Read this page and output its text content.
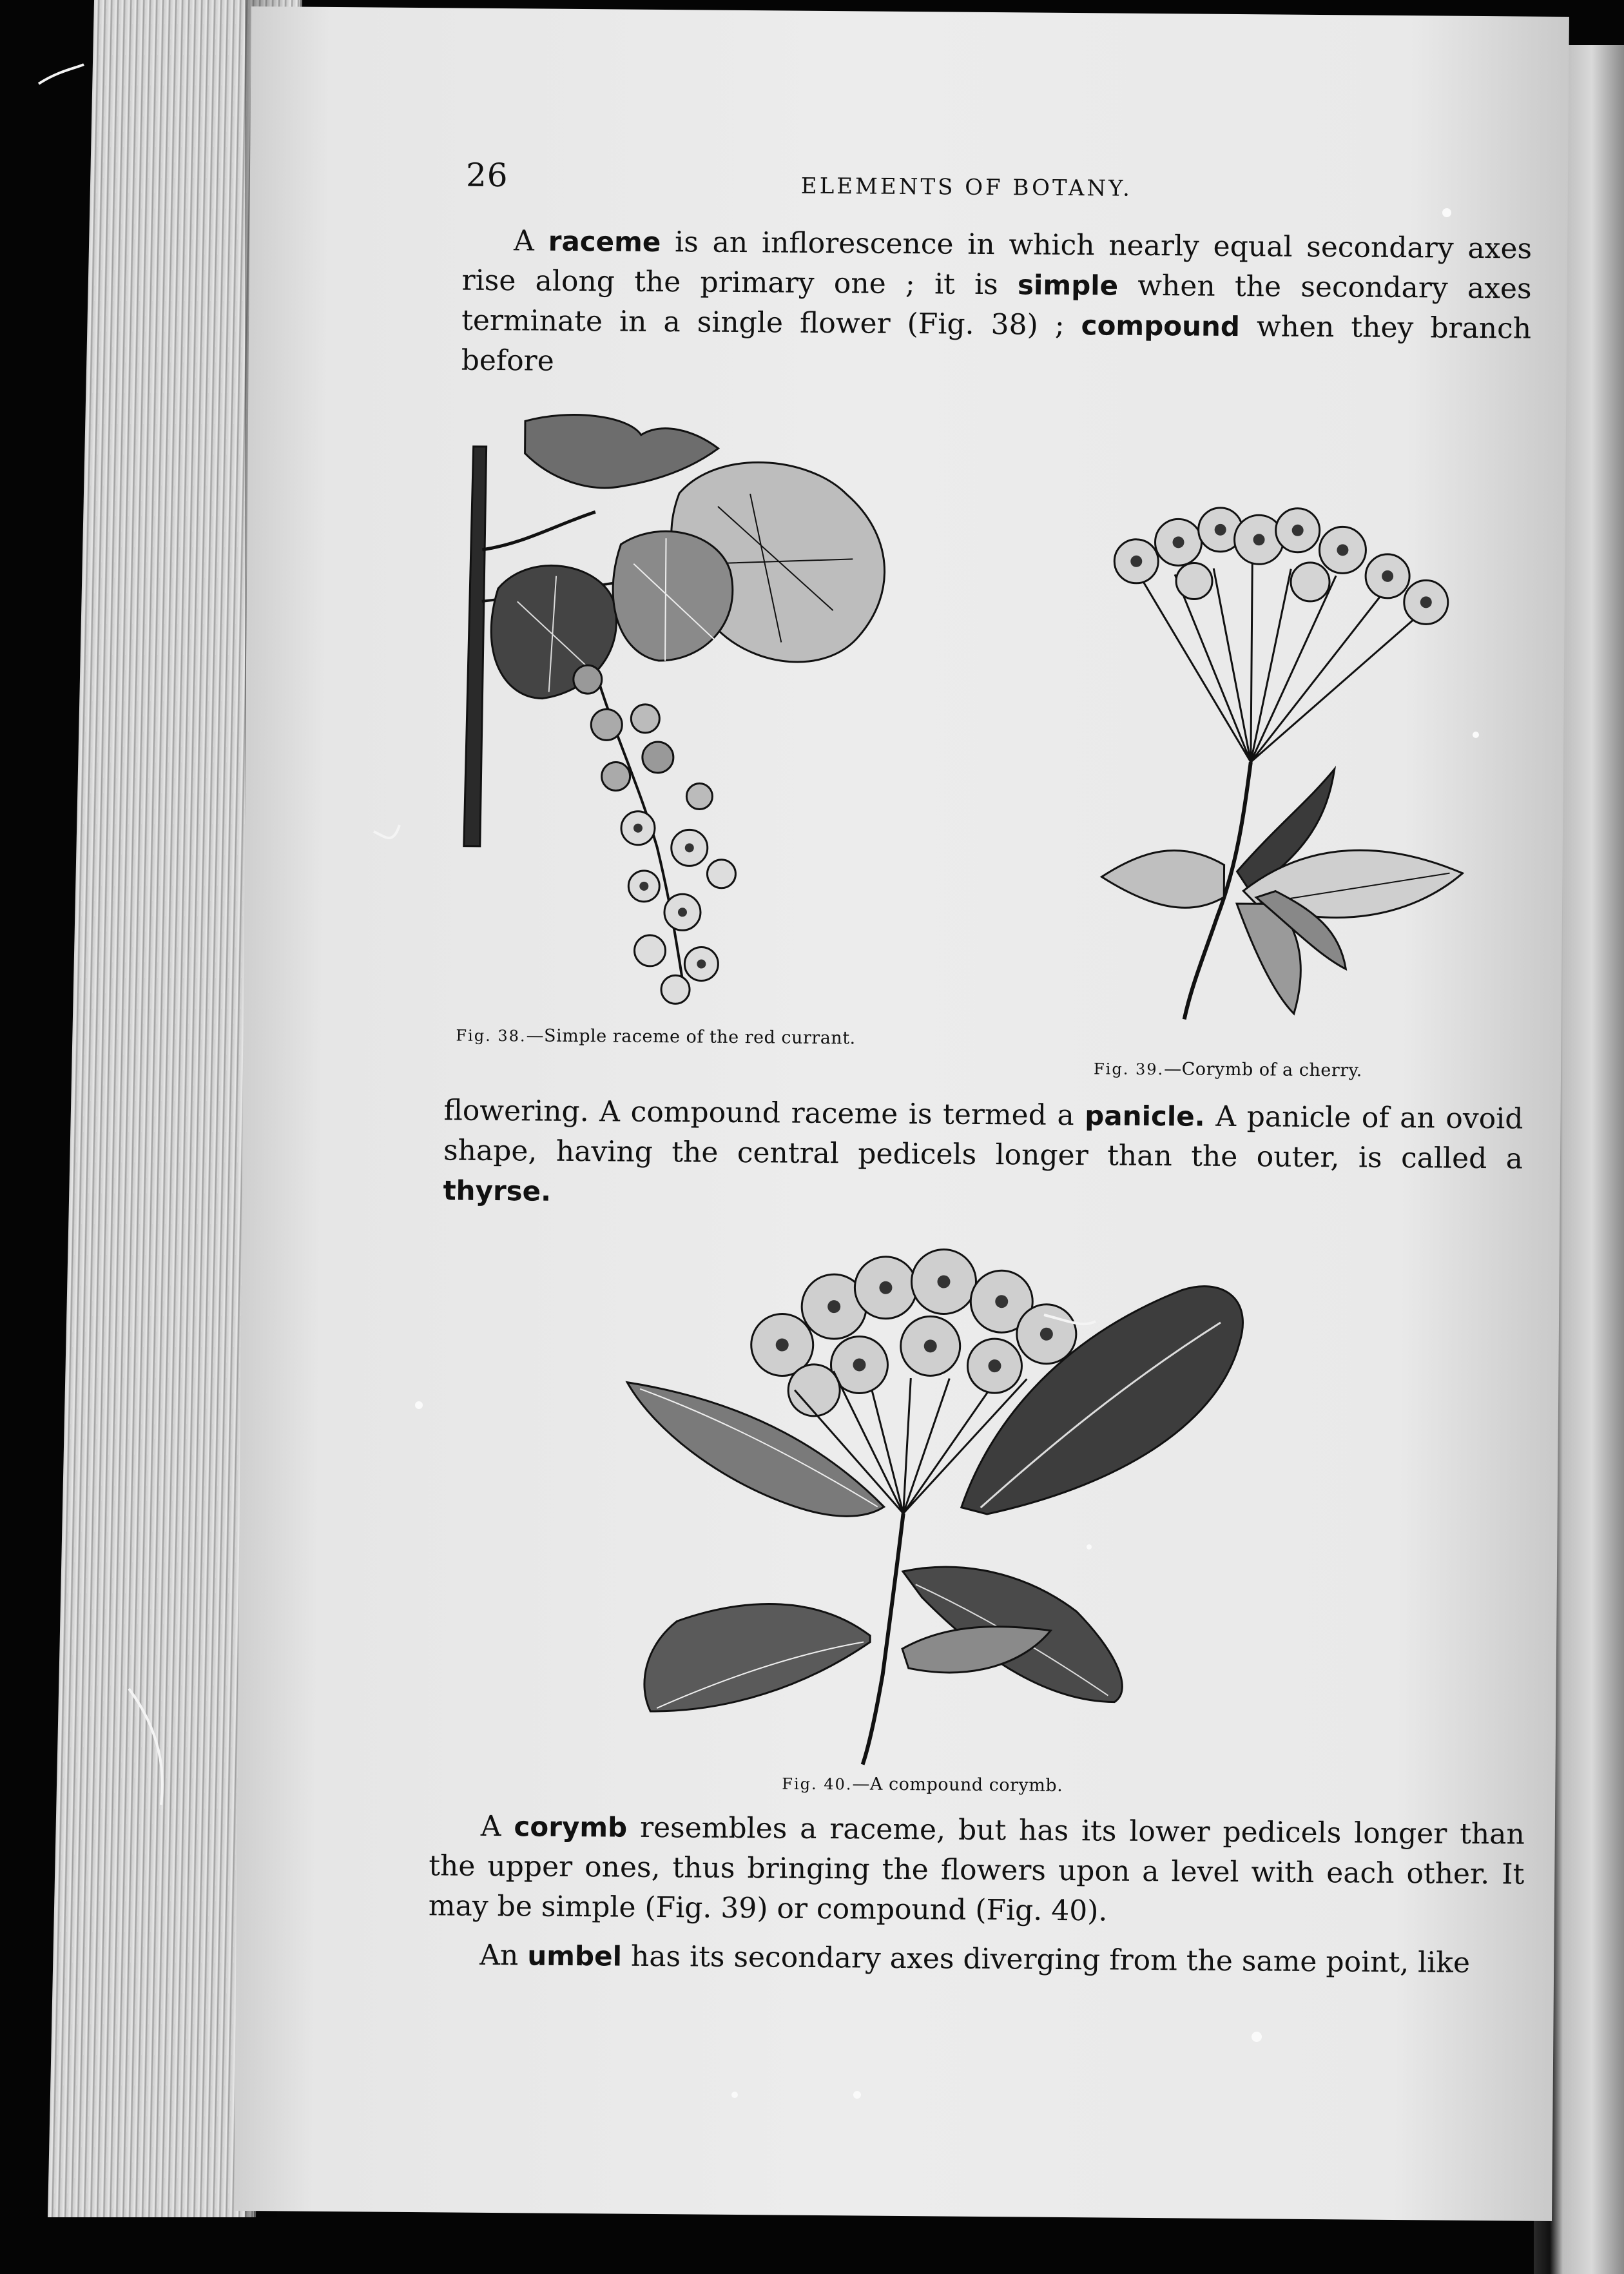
26	ELEMENTS OF BOTANY.

A raceme is an inflorescence in which nearly equal secondary axes rise along the primary one ; it is simple when the secondary axes terminate in a single flower (Fig. 38) ; compound when they branch before

Fig. 38.—Simple raceme of the red currant.
Fig. 39.—Corymb of a cherry.

flowering. A compound raceme is termed a panicle. A panicle of an ovoid shape, having the central pedicels longer than the outer, is called a thyrse.

Fig. 40.—A compound corymb.

A corymb resembles a raceme, but has its lower pedicels longer than the upper ones, thus bringing the flowers upon a level with each other. It may be simple (Fig. 39) or compound (Fig. 40).

An umbel has its secondary axes diverging from the same point, like
